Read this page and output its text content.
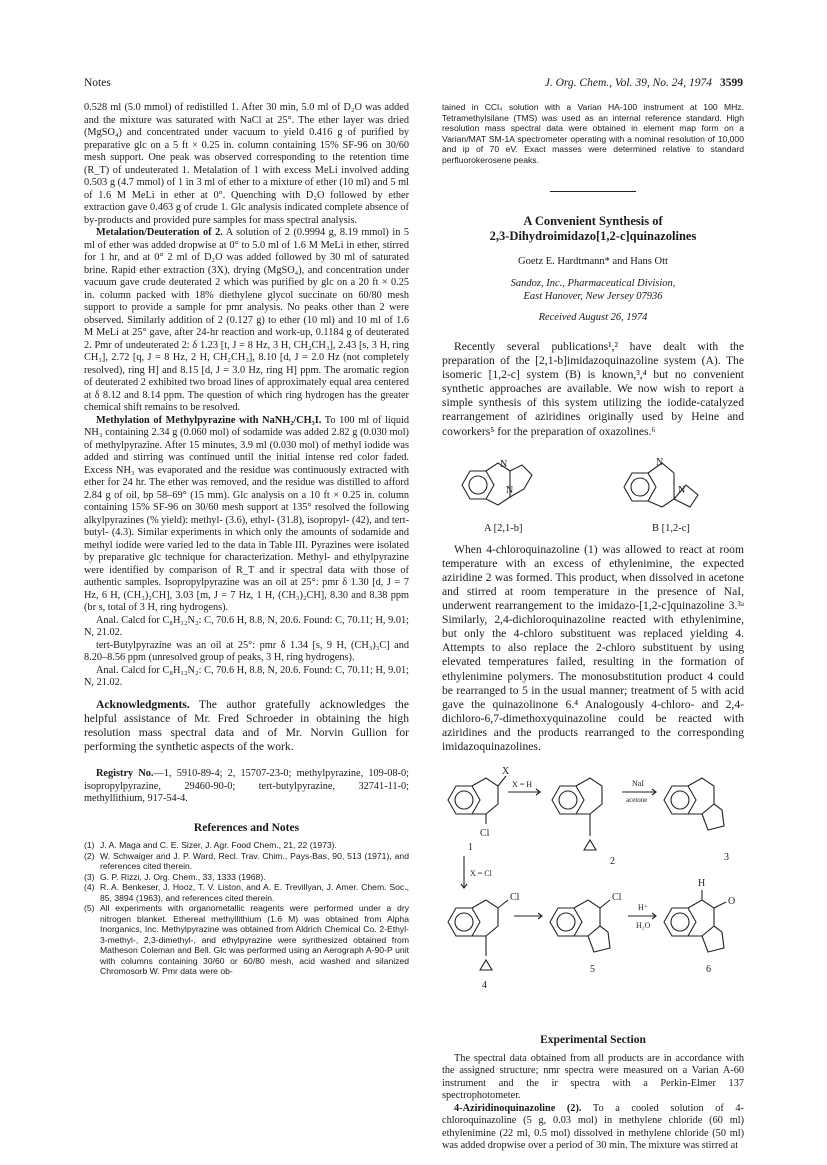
Notes	J. Org. Chem., Vol. 39, No. 24, 1974 3599

0.528 ml (5.0 mmol) of redistilled 1. After 30 min, 5.0 ml of D₂O was added and the mixture was saturated with NaCl at 25°. The ether layer was dried (MgSO₄) and concentrated under vacuum to yield 0.416 g of purified by preparative glc on a 5 ft × 0.25 in. column containing 15% SF-96 on 30/60 mesh support. One peak was observed corresponding to the retention time (R_T) of undeuterated 1. Metalation of 1 with excess MeLi involved adding 0.503 g (4.7 mmol) of 1 in 3 ml of ether to a mixture of ether (10 ml) and 5 ml of 1.6 M MeLi in ether at 0°. Quenching with D₂O followed by ether extraction gave 0.463 g of crude 1. Glc analysis indicated complete absence of by-products and provided pure samples for mass spectral analysis.

Metalation/Deuteration of 2. A solution of 2 (0.9994 g, 8.19 mmol) in 5 ml of ether was added dropwise at 0° to 5.0 ml of 1.6 M MeLi in ether, stirred for 1 hr, and at 0° 2 ml of D₂O was added followed by 30 ml of saturated brine. Rapid ether extraction (3X), drying (MgSO₄), and concentration under vacuum gave crude deuterated 2 which was purified by glc on a 20 ft × 0.25 in. column packed with 18% diethylene glycol succinate on 60/80 mesh support to provide a sample for pmr analysis. No peaks other than 2 were observed. Similarly addition of 2 (0.127 g) to ether (10 ml) and 10 ml of 1.6 M MeLi at 25° gave, after 24-hr reaction and work-up, 0.1184 g of deuterated 2. Pmr of undeuterated 2: δ 1.23 [t, J = 8 Hz, 3 H, CH₂CH₃], 2.43 [s, 3 H, ring CH₃], 2.72 [q, J = 8 Hz, 2 H, CH₂CH₃], 8.10 [d, J = 2.0 Hz (not completely resolved), ring H] and 8.15 [d, J = 3.0 Hz, ring H] ppm. The aromatic region of deuterated 2 exhibited two broad lines of approximately equal area centered at δ 8.12 and 8.14 ppm. The question of which ring hydrogen has the greater chemical shift remains to be resolved.

Methylation of Methylpyrazine with NaNH₂/CH₃I. To 100 ml of liquid NH₃ containing 2.34 g (0.060 mol) of sodamide was added 2.82 g (0.030 mol) of methylpyrazine. After 15 minutes, 3.9 ml (0.030 mol) of methyl iodide was added and stirring was continued until the initial intense red color faded. Excess NH₃ was evaporated and the residue was continuously extracted with ether for 24 hr. The ether was removed, and the residue was distilled to afford 2.84 g of oil, bp 58–69° (15 mm). Glc analysis on a 10 ft × 0.25 in. column containing 15% SF-96 on 30/60 mesh support at 135° resolved the following alkylpyrazines (% yield): methyl- (3.6), ethyl- (31.8), isopropyl- (42), and tert- butyl- (4.3). Similar experiments in which only the amounts of sodamide and methyl iodide were varied led to the data in Table III. Pyrazines were isolated by preparative glc technique for characterization. Methyl- and ethylpyrazine were identified by comparison of R_T and ir spectral data with those of authentic samples. Isopropylpyrazine was an oil at 25°: pmr δ 1.30 [d, J = 7 Hz, 6 H, (CH₃)₂CH], 3.03 [m, J = 7 Hz, 1 H, (CH₃)₂CH], 8.30 and 8.38 ppm (br s, total of 3 H, ring hydrogens).

Anal. Calcd for C₈H₁₂N₂: C, 70.6 H, 8.8, N, 20.6. Found: C, 70.11; H, 9.01; N, 21.02.

tert-Butylpyrazine was an oil at 25°: pmr δ 1.34 [s, 9 H, (CH₃)₃C] and 8.20–8.56 ppm (unresolved group of peaks, 3 H, ring hydrogens).

Anal. Calcd for C₈H₁₂N₂: C, 70.6 H, 8.8, N, 20.6. Found: C, 70.11; H, 9.01; N, 21.02.

Acknowledgments. The author gratefully acknowledges the helpful assistance of Mr. Fred Schroeder in obtaining the high resolution mass spectral data and of Mr. Norvin Gullion for performing the synthetic aspects of the work.

Registry No.—1, 5910-89-4; 2, 15707-23-0; methylpyrazine, 109-08-0; isopropylpyrazine, 29460-90-0; tert-butylpyrazine, 32741-11-0; methyllithium, 917-54-4.

References and Notes
(1) J. A. Maga and C. E. Sizer, J. Agr. Food Chem., 21, 22 (1973).
(2) W. Schwaiger and J. P. Ward, Recl. Trav. Chim., Pays-Bas, 90, 513 (1971), and references cited therein.
(3) G. P. Rizzi, J. Org. Chem., 33, 1333 (1968).
(4) R. A. Benkeser, J. Hooz, T. V. Liston, and A. E. Trevillyan, J. Amer. Chem. Soc., 85, 3894 (1963), and references cited therein.
(5) All experiments with organometallic reagents were performed under a dry nitrogen blanket. Ethereal methyllithium (1.6 M) was obtained from Alpha Inorganics, Inc. Methylpyrazine was obtained from Aldrich Chemical Co. 2-Ethyl-3-methyl-, 2,3-dimethyl-, and ethylpyrazine were synthesized obtained from Matheson Coleman and Bell. Glc was performed using an Aerograph A-90-P unit with columns containing 30/60 or 60/80 mesh, acid washed and silanized Chromosorb W. Pmr data were ob-

tained in CCl₄ solution with a Varian HA-100 instrument at 100 MHz. Tetramethylsilane (TMS) was used as an internal reference standard. High resolution mass spectral data were obtained in element map form on a Varian/MAT SM-1A spectrometer operating with a nominal resolution of 10,000 and ip of 70 eV. Exact masses were determined relative to standard perfluorokerosene peaks.

A Convenient Synthesis of
2,3-Dihydroimidazo[1,2-c]quinazolines
Goetz E. Hardtmann* and Hans Ott
Sandoz, Inc., Pharmaceutical Division,
East Hanover, New Jersey 07936
Received August 26, 1974

Recently several publications¹,² have dealt with the preparation of the [2,1-b]imidazoquinazoline system (A). The isomeric [1,2-c] system (B) is known,³,⁴ but no convenient synthetic approaches are available. We now wish to report a simple synthesis of this system utilizing the iodide-catalyzed rearrangement of aziridines originally used by Heine and coworkers⁵ for the preparation of oxazolines.⁶

N
N
N
N
A [2,1-b]	B [1,2-c]

When 4-chloroquinazoline (1) was allowed to react at room temperature with an excess of ethylenimine, the expected aziridine 2 was formed. This product, when dissolved in acetone and stirred at room temperature in the presence of NaI, underwent rearrangement to the imidazo-[1,2-c]quinazoline 3.³ᵃ Similarly, 2,4-dichloroquinazoline reacted with ethylenimine, but only the 4-chloro substituent was replaced yielding 4. Attempts to also replace the 2-chloro substituent by using elevated temperatures failed, resulting in the formation of ethylenimine polymers. The monosubstitution product 4 could be rearranged to 5 in the usual manner; treatment of 5 with acid gave the quinazolinone 6.⁴ Analogously 4-chloro- and 2,4-dichloro-6,7-dimethoxyquinazoline could be reacted with aziridines and the products rearranged to the corresponding imidazoquinazolines.

X
Cl
1
X = H	NaI
acetone
2	3
X = Cl
Cl	Cl
H⁺
H₂O
H
O
4
5	6
Experimental Section

The spectral data obtained from all products are in accordance with the assigned structure; nmr spectra were measured on a Varian A-60 instrument and the ir spectra with a Perkin-Elmer 137 spectrophotometer.

4-Aziridinoquinazoline (2). To a cooled solution of 4-chloroquinazoline (5 g, 0.03 mol) in methylene chloride (60 ml) ethylenimine (22 ml, 0.5 mol) dissolved in methylene chloride (50 ml) was added dropwise over a period of 30 min. The mixture was stirred at
